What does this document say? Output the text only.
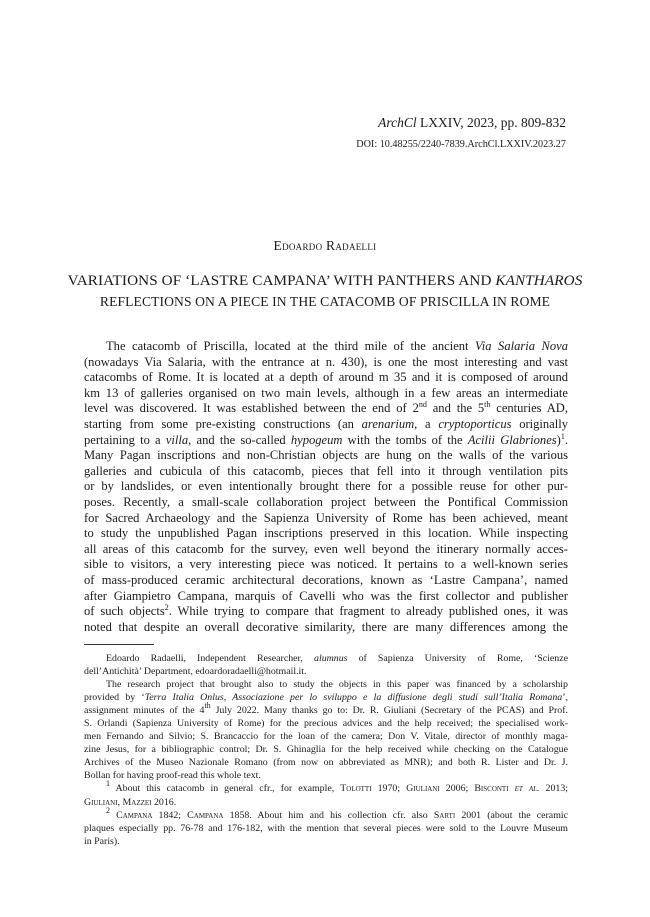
ArchCl LXXIV, 2023, pp. 809-832
DOI: 10.48255/2240-7839.ArchCl.LXXIV.2023.27
Edoardo Radaelli
VARIATIONS OF ‘LASTRE CAMPANA’ WITH PANTHERS AND KANTHAROS
REFLECTIONS ON A PIECE IN THE CATACOMB OF PRISCILLA IN ROME
The catacomb of Priscilla, located at the third mile of the ancient Via Salaria Nova
(nowadays Via Salaria, with the entrance at n. 430), is one the most interesting and vast
catacombs of Rome. It is located at a depth of around m 35 and it is composed of around
km 13 of galleries organised on two main levels, although in a few areas an intermediate
level was discovered. It was established between the end of 2nd and the 5th centuries AD,
starting from some pre-existing constructions (an arenarium, a cryptoporticus originally
pertaining to a villa, and the so-called hypogeum with the tombs of the Acilii Glabriones)$^1$.
Many Pagan inscriptions and non-Christian objects are hung on the walls of the various
galleries and cubicula of this catacomb, pieces that fell into it through ventilation pits
or by landslides, or even intentionally brought there for a possible reuse for other pur-
poses. Recently, a small-scale collaboration project between the Pontifical Commission
for Sacred Archaeology and the Sapienza University of Rome has been achieved, meant
to study the unpublished Pagan inscriptions preserved in this location. While inspecting
all areas of this catacomb for the survey, even well beyond the itinerary normally acces-
sible to visitors, a very interesting piece was noticed. It pertains to a well-known series
of mass-produced ceramic architectural decorations, known as ‘Lastre Campana’, named
after Giampietro Campana, marquis of Cavelli who was the first collector and publisher
of such objects$^2$. While trying to compare that fragment to already published ones, it was
noted that despite an overall decorative similarity, there are many differences among the
Edoardo Radaelli, Independent Researcher, alumnus of Sapienza University of Rome, ‘Scienze
dell’Antichità’ Department, edoardoradaelli@hotmail.it.
The research project that brought also to study the objects in this paper was financed by a scholarship
provided by ‘Terra Italia Onlus, Associazione per lo sviluppo e la diffusione degli studi sull’Italia Romana’,
assignment minutes of the 4th July 2022. Many thanks go to: Dr. R. Giuliani (Secretary of the PCAS) and Prof.
S. Orlandi (Sapienza University of Rome) for the precious advices and the help received; the specialised work-
men Fernando and Silvio; S. Brancaccio for the loan of the camera; Don V. Vitale, director of monthly maga-
zine Jesus, for a bibliographic control; Dr. S. Ghinaglia for the help received while checking on the Catalogue
Archives of the Museo Nazionale Romano (from now on abbreviated as MNR); and both R. Lister and Dr. J.
Bollan for having proof-read this whole text.
$^1$ About this catacomb in general cfr., for example, Tolotti 1970; Giuliani 2006; Bisconti et al. 2013;
Giuliani, Mazzei 2016.
$^2$ Campana 1842; Campana 1858. About him and his collection cfr. also Sarti 2001 (about the ceramic
plaques especially pp. 76-78 and 176-182, with the mention that several pieces were sold to the Louvre Museum
in Paris).
